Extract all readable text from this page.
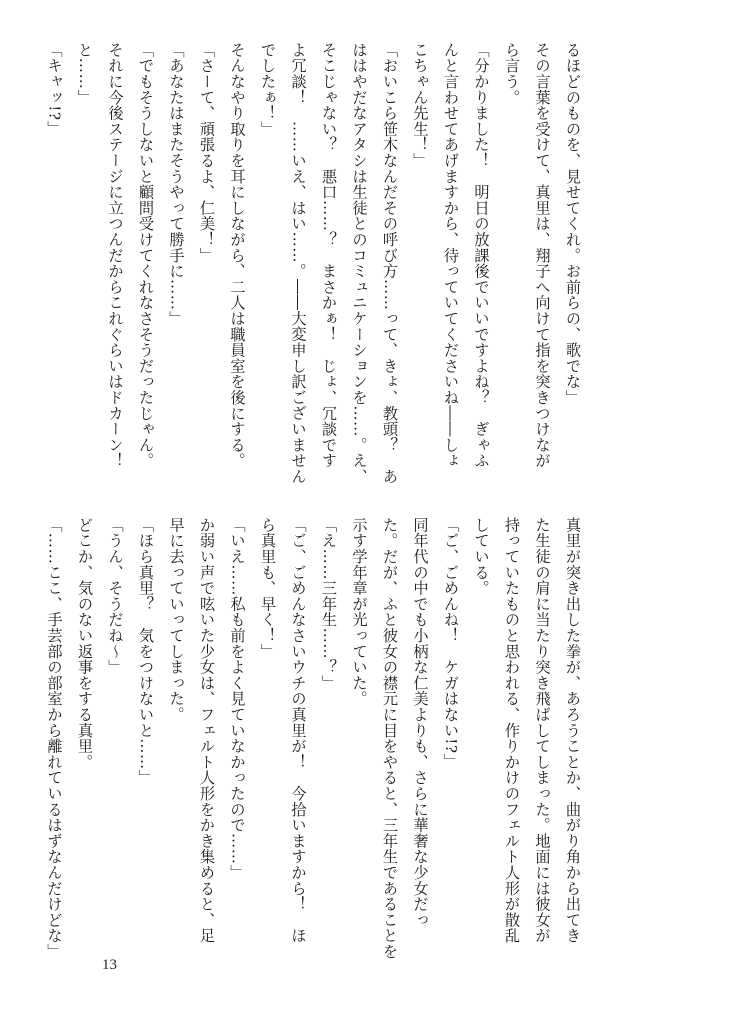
るほどのものを、見せてくれ。お前らの、歌でな」
その言葉を受けて、真里は、翔子へ向けて指を突きつけなが
ら言う。
「分かりました！　明日の放課後でいいですよね？　ぎゃふ
んと言わせてあげますから、待っていてくださいね――しょ
こちゃん先生！」
「おいこら笹木なんだその呼び方……って、きょ、教頭？　あ
ははやだなアタシは生徒とのコミュニケーションを……。え、
そこじゃない？　悪口……？　まさかぁ！　じょ、冗談です
よ冗談！　……いえ、はい……。――大変申し訳ございません
でしたぁ！」
そんなやり取りを耳にしながら、二人は職員室を後にする。
「さーて、頑張るよ、仁美！」
「あなたはまたそうやって勝手に……」
「でもそうしないと顧問受けてくれなさそうだったじゃん。
それに今後ステージに立つんだからこれぐらいはドカーン！
と……」
「キャッ!?」
真里が突き出した拳が、あろうことか、曲がり角から出てき
た生徒の肩に当たり突き飛ばしてしまった。地面には彼女が
持っていたものと思われる、作りかけのフェルト人形が散乱
している。
「ご、ごめんね！　ケガはない!?」
同年代の中でも小柄な仁美よりも、さらに華奢な少女だっ
た。だが、ふと彼女の襟元に目をやると、三年生であることを
示す学年章が光っていた。
「え……三年生……？」
「ご、ごめんなさいウチの真里が！　今拾いますから！　ほ
ら真里も、早く！」
「いえ……私も前をよく見ていなかったので……」
か弱い声で呟いた少女は、フェルト人形をかき集めると、足
早に去っていってしまった。
「ほら真里？　気をつけないと……」
「うん、そうだね～」
どこか、気のない返事をする真里。
「……ここ、手芸部の部室から離れているはずなんだけどな」
13
